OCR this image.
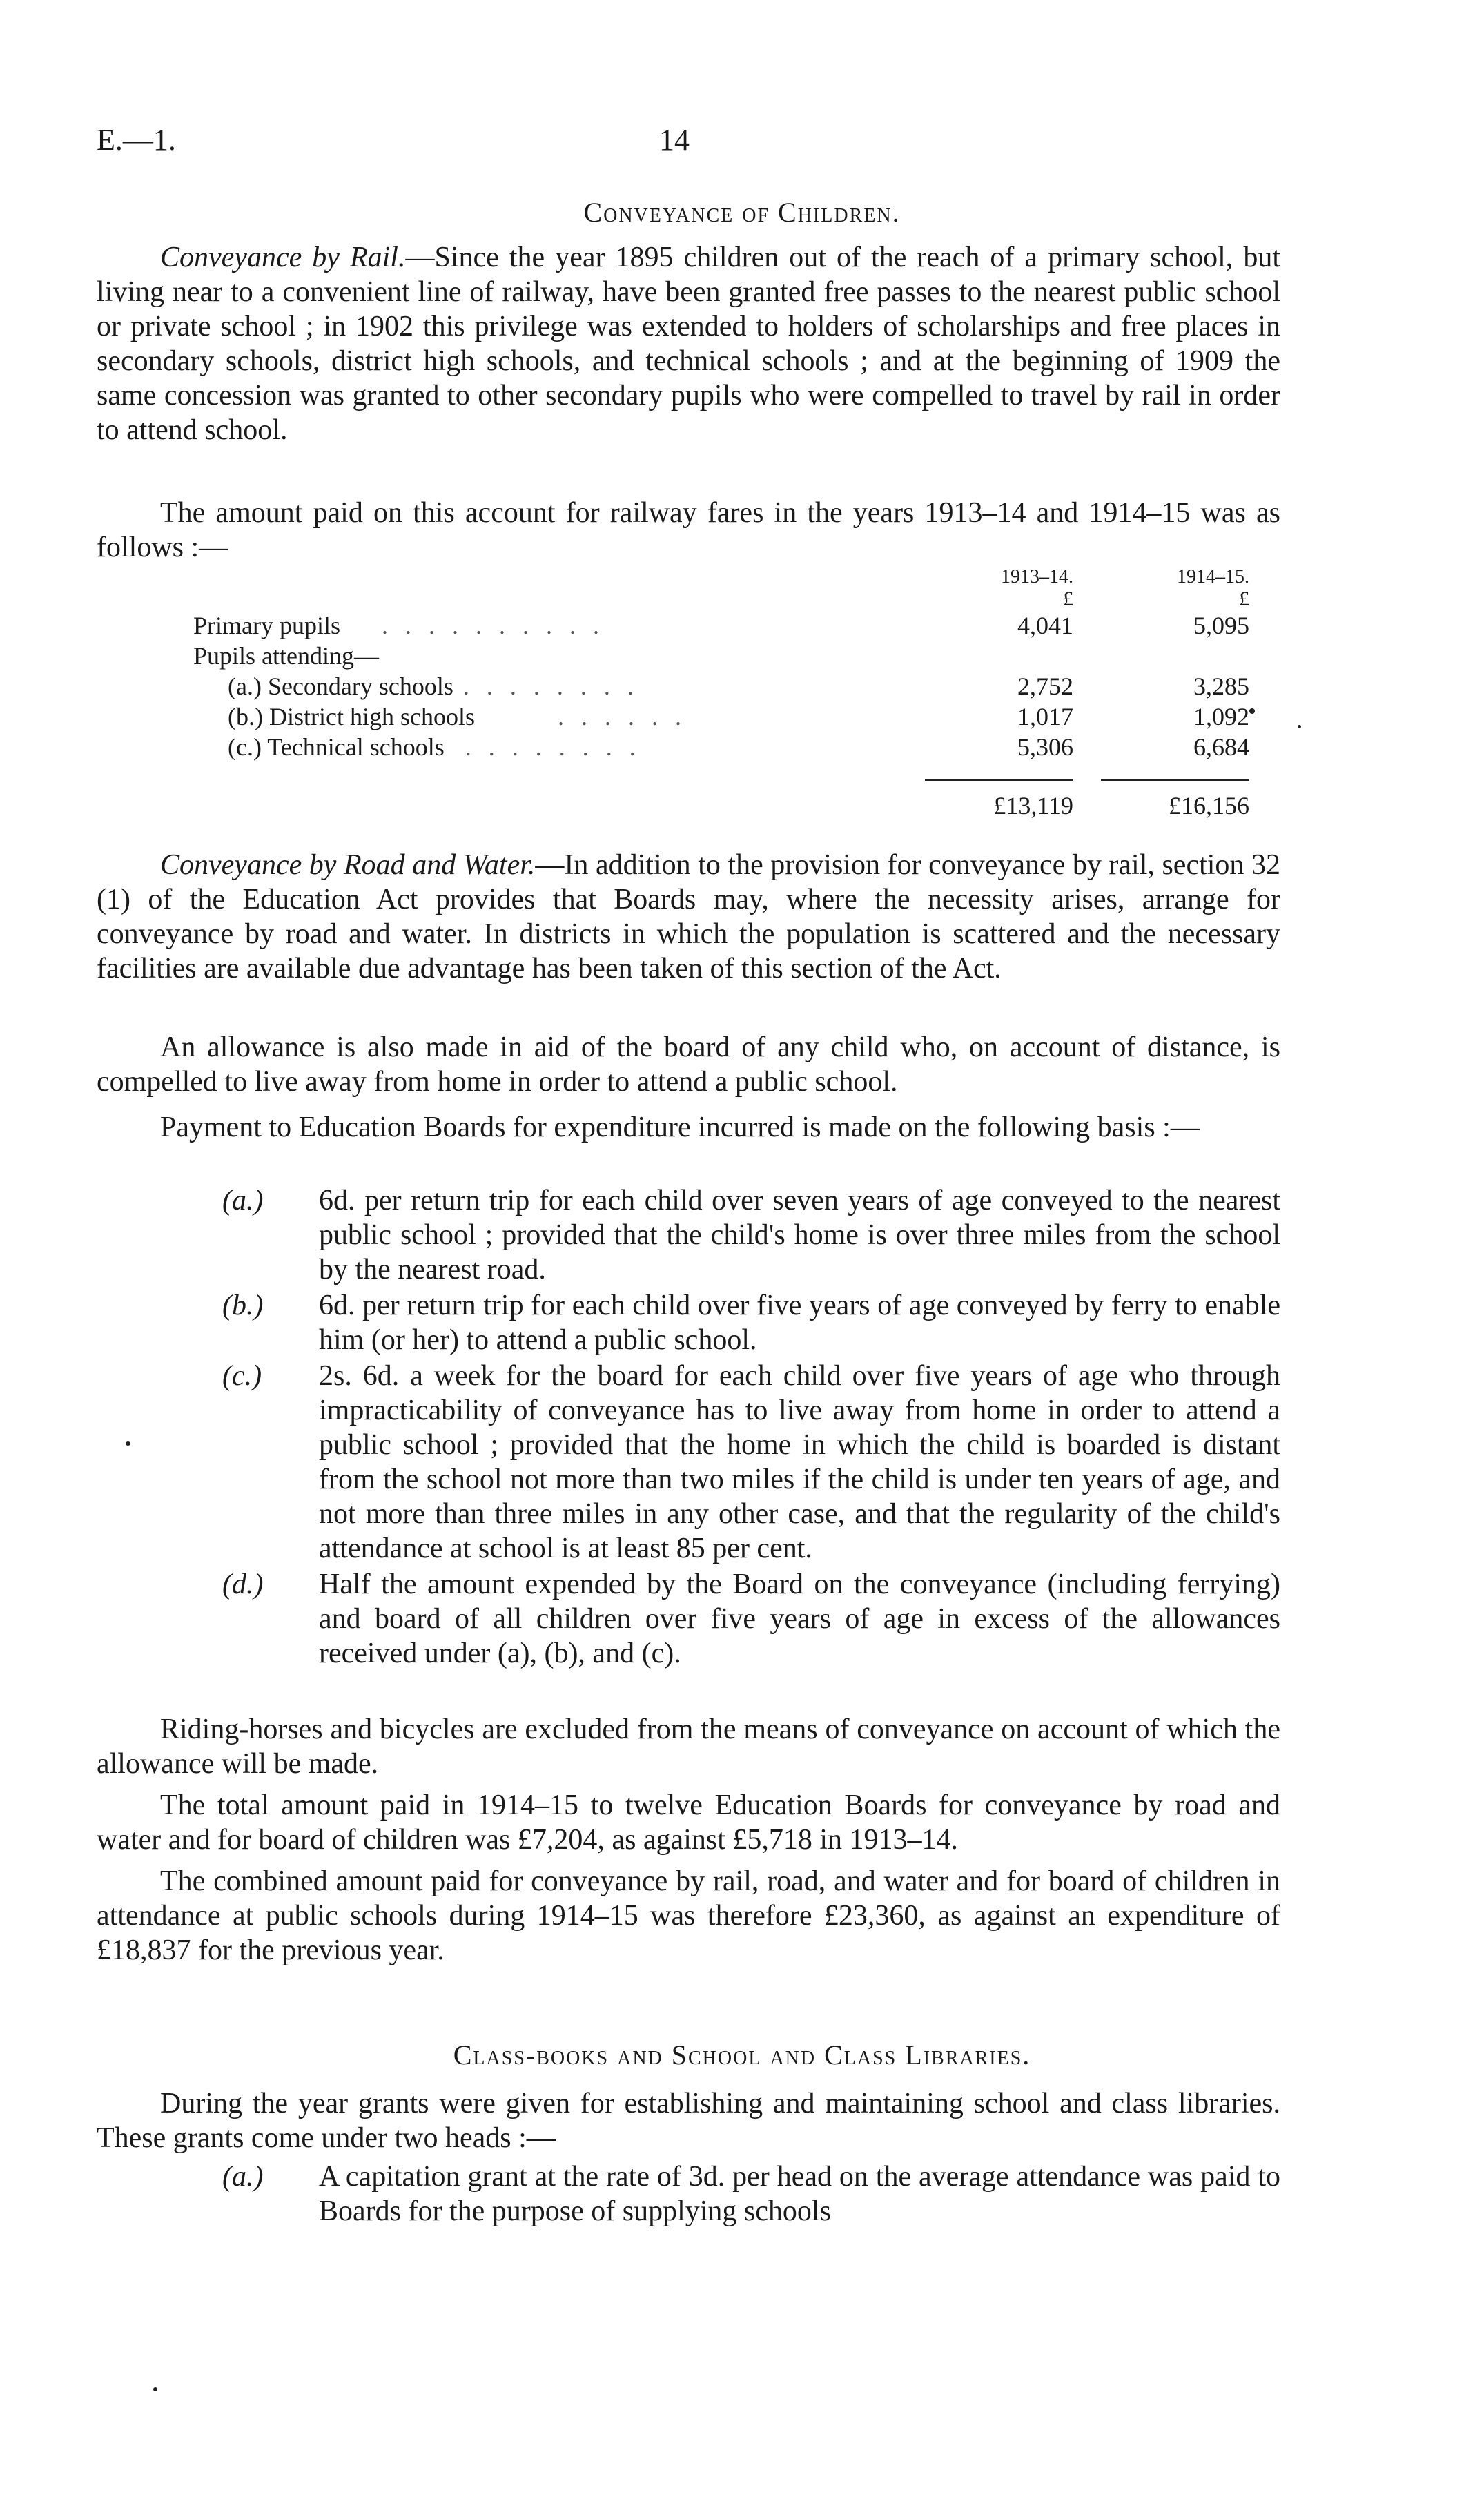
E.—1.	14
Conveyance of Children.
Conveyance by Rail.—Since the year 1895 children out of the reach of a primary school, but living near to a convenient line of railway, have been granted free passes to the nearest public school or private school ; in 1902 this privilege was extended to holders of scholarships and free places in secondary schools, district high schools, and technical schools ; and at the beginning of 1909 the same concession was granted to other secondary pupils who were compelled to travel by rail in order to attend school.
The amount paid on this account for railway fares in the years 1913–14 and 1914–15 was as follows :—
	1913–14.		1914–15.
	£		£
Primary pupils . . . . . . . . . .	4,041		5,095
Pupils attending—			
(a.) Secondary schools . . . . . . . .	2,752		3,285
(b.) District high schools . . . . . .	1,017		1,092
(c.) Technical schools . . . . . . . .	5,306		6,684

	£13,119		£16,156
Conveyance by Road and Water.—In addition to the provision for conveyance by rail, section 32 (1) of the Education Act provides that Boards may, where the necessity arises, arrange for conveyance by road and water. In districts in which the population is scattered and the necessary facilities are available due advantage has been taken of this section of the Act.
An allowance is also made in aid of the board of any child who, on account of distance, is compelled to live away from home in order to attend a public school.
Payment to Education Boards for expenditure incurred is made on the following basis :—
(a.) 6d. per return trip for each child over seven years of age conveyed to the nearest public school ; provided that the child's home is over three miles from the school by the nearest road.
(b.) 6d. per return trip for each child over five years of age conveyed by ferry to enable him (or her) to attend a public school.
(c.) 2s. 6d. a week for the board for each child over five years of age who through impracticability of conveyance has to live away from home in order to attend a public school ; provided that the home in which the child is boarded is distant from the school not more than two miles if the child is under ten years of age, and not more than three miles in any other case, and that the regularity of the child's attendance at school is at least 85 per cent.
(d.) Half the amount expended by the Board on the conveyance (including ferrying) and board of all children over five years of age in excess of the allowances received under (a), (b), and (c).
Riding-horses and bicycles are excluded from the means of conveyance on account of which the allowance will be made.
The total amount paid in 1914–15 to twelve Education Boards for conveyance by road and water and for board of children was £7,204, as against £5,718 in 1913–14.
The combined amount paid for conveyance by rail, road, and water and for board of children in attendance at public schools during 1914–15 was therefore £23,360, as against an expenditure of £18,837 for the previous year.
Class-books and School and Class Libraries.
During the year grants were given for establishing and maintaining school and class libraries. These grants come under two heads :—
(a.) A capitation grant at the rate of 3d. per head on the average attendance was paid to Boards for the purpose of supplying schools
